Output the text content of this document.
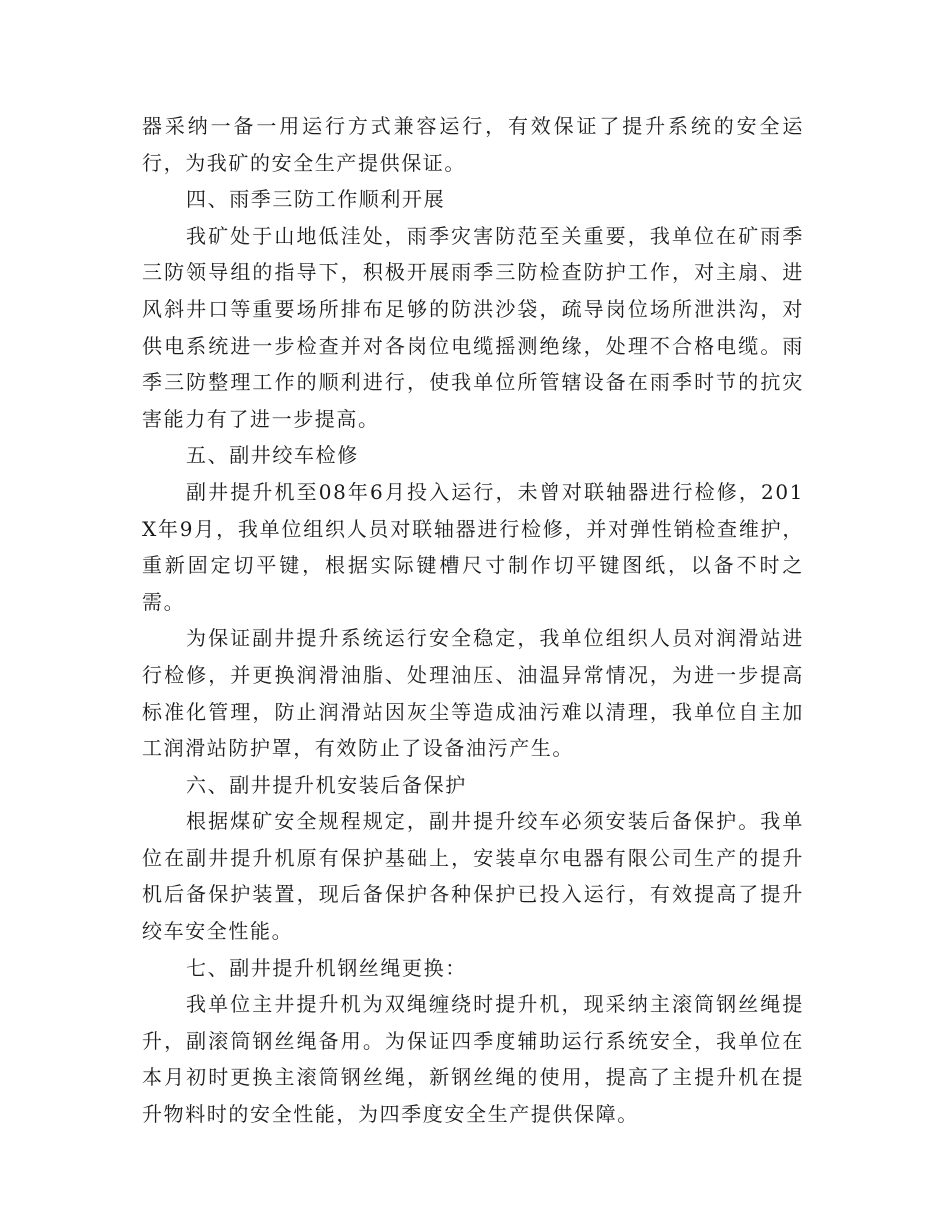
器采纳一备一用运行方式兼容运行，有效保证了提升系统的安全运行，为我矿的安全生产提供保证。

四、雨季三防工作顺利开展

我矿处于山地低洼处，雨季灾害防范至关重要，我单位在矿雨季三防领导组的指导下，积极开展雨季三防检查防护工作，对主扇、进风斜井口等重要场所排布足够的防洪沙袋，疏导岗位场所泄洪沟，对供电系统进一步检查并对各岗位电缆摇测绝缘，处理不合格电缆。雨季三防整理工作的顺利进行，使我单位所管辖设备在雨季时节的抗灾害能力有了进一步提高。

五、副井绞车检修

副井提升机至08年6月投入运行，未曾对联轴器进行检修，201X年9月，我单位组织人员对联轴器进行检修，并对弹性销检查维护，重新固定切平键，根据实际键槽尺寸制作切平键图纸，以备不时之需。

为保证副井提升系统运行安全稳定，我单位组织人员对润滑站进行检修，并更换润滑油脂、处理油压、油温异常情况，为进一步提高标准化管理，防止润滑站因灰尘等造成油污难以清理，我单位自主加工润滑站防护罩，有效防止了设备油污产生。

六、副井提升机安装后备保护

根据煤矿安全规程规定，副井提升绞车必须安装后备保护。我单位在副井提升机原有保护基础上，安装卓尔电器有限公司生产的提升机后备保护装置，现后备保护各种保护已投入运行，有效提高了提升绞车安全性能。

七、副井提升机钢丝绳更换：

我单位主井提升机为双绳缠绕时提升机，现采纳主滚筒钢丝绳提升，副滚筒钢丝绳备用。为保证四季度辅助运行系统安全，我单位在本月初时更换主滚筒钢丝绳，新钢丝绳的使用，提高了主提升机在提升物料时的安全性能，为四季度安全生产提供保障。
